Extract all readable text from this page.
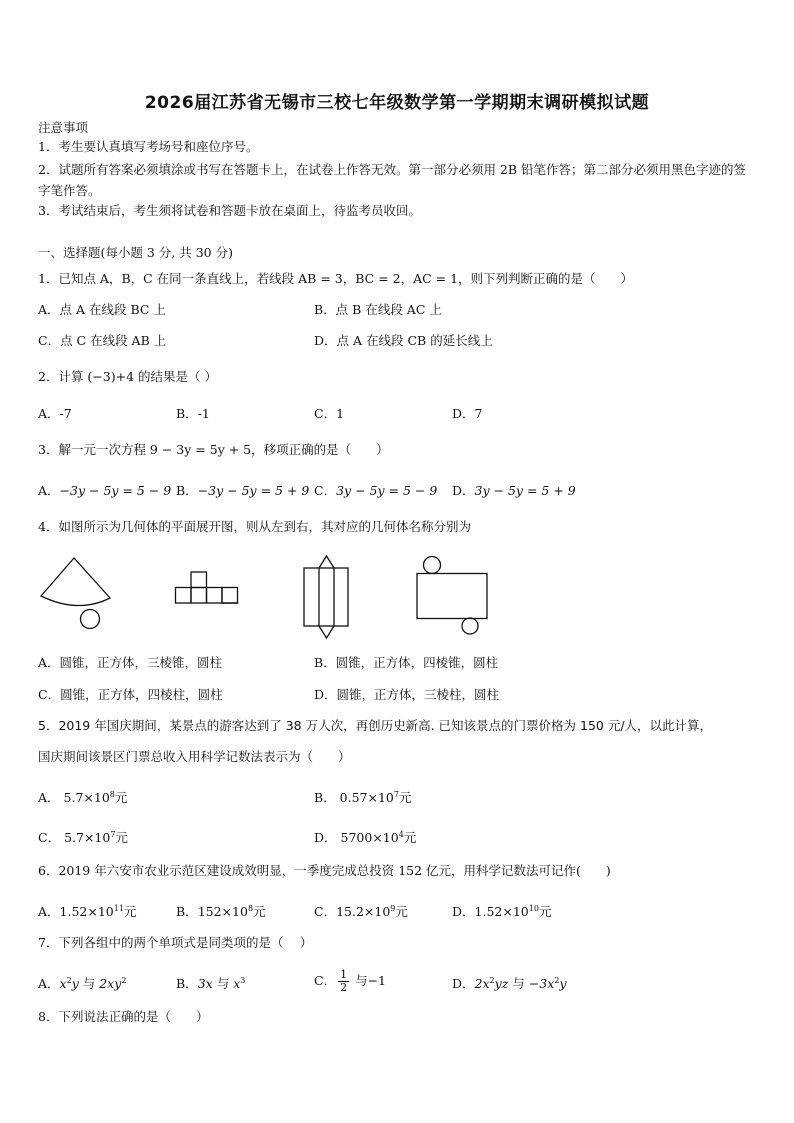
2026届江苏省无锡市三校七年级数学第一学期期末调研模拟试题
注意事项
1．考生要认真填写考场号和座位序号。
2．试题所有答案必须填涂或书写在答题卡上，在试卷上作答无效。第一部分必须用 2B 铅笔作答；第二部分必须用黑色字迹的签字笔作答。
3．考试结束后，考生须将试卷和答题卡放在桌面上，待监考员收回。
一、选择题(每小题 3 分, 共 30 分)
1．已知点 A，B，C 在同一条直线上，若线段 AB = 3，BC = 2，AC = 1，则下列判断正确的是（　　）
A．点 A 在线段 BC 上	B．点 B 在线段 AC 上
C．点 C 在线段 AB 上	D．点 A 在线段 CB 的延长线上
2．计算 (−3)+4 的结果是（ ）
A．-7	B．-1	C．1	D．7
3．解一元一次方程 9 − 3y = 5y + 5，移项正确的是（　　）
A．−3y − 5y = 5 − 9 B．−3y − 5y = 5 + 9 C．3y − 5y = 5 − 9 D．3y − 5y = 5 + 9
4．如图所示为几何体的平面展开图，则从左到右，其对应的几何体名称分别为
A．圆锥，正方体，三棱锥，圆柱	B．圆锥，正方体，四棱锥，圆柱
C．圆锥，正方体，四棱柱，圆柱	D．圆锥，正方体，三棱柱，圆柱
5．2019 年国庆期间，某景点的游客达到了 38 万人次，再创历史新高. 已知该景点的门票价格为 150 元/人，以此计算，
国庆期间该景区门票总收入用科学记数法表示为（　　）
A． $5.7\times 10^8$元	B． $0.57\times 10^7$元
C． $5.7\times 10^7$元	D． $5700\times 10^4$元
6．2019 年六安市农业示范区建设成效明显，一季度完成总投资 152 亿元，用科学记数法可记作(　　)
A．$1.52\times 10^{11}$元	B．$152\times 10^8$元	C．$15.2\times 10^9$元	D．$1.52\times 10^{10}$元
7．下列各组中的两个单项式是同类项的是（　 ）
A．$x^2y$ 与 $2xy^2$	B．3x 与 $x^3$	C． $\frac{1}{2}$ 与−1	D．$2x^2yz$ 与 $-3x^2y$
8．下列说法正确的是（　　）
